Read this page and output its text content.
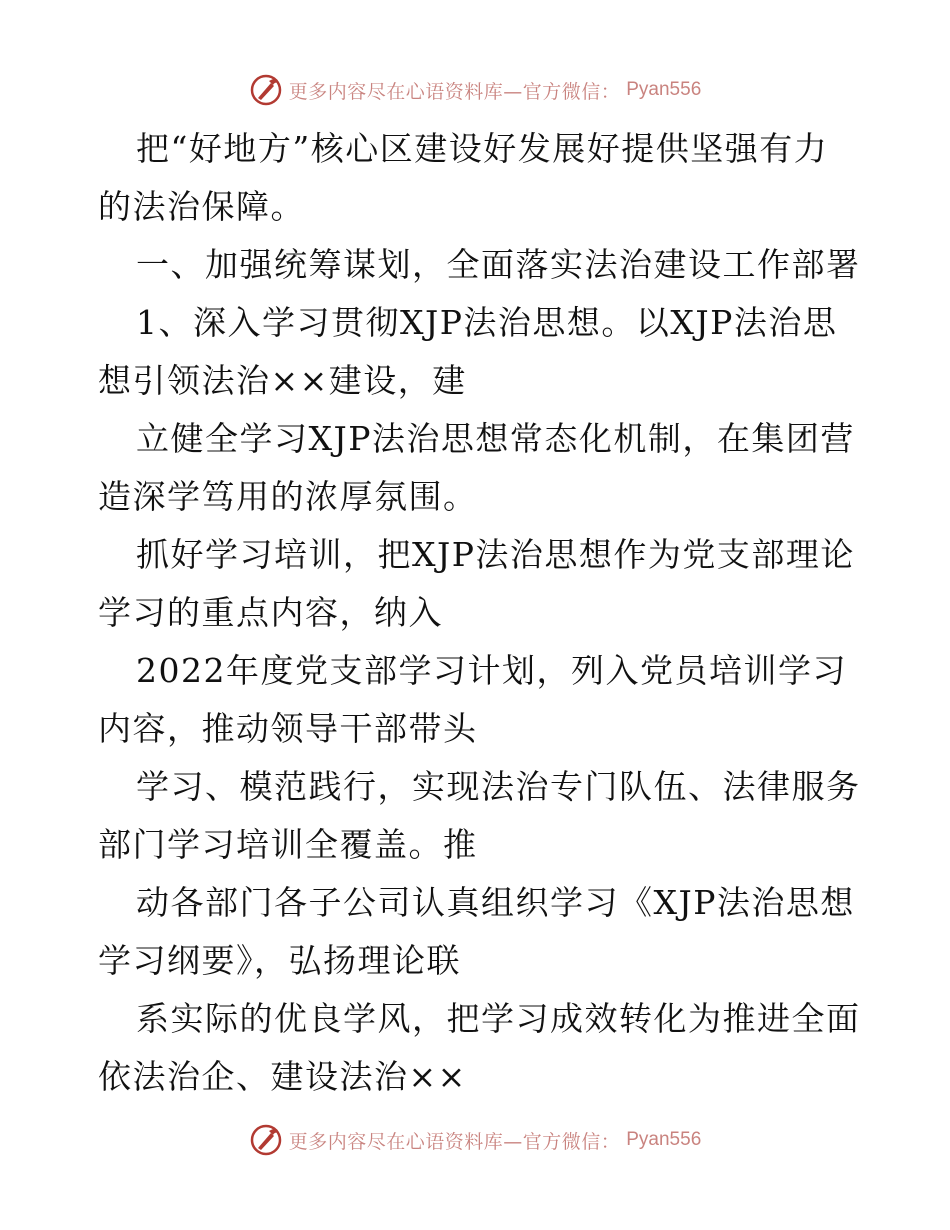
更多内容尽在心语资料库—官方微信： Pyan556
把“好地方”核心区建设好发展好提供坚强有力
的法治保障。
一、加强统筹谋划，全面落实法治建设工作部署
1、深入学习贯彻XJP法治思想。以XJP法治思
想引领法治××建设，建
立健全学习XJP法治思想常态化机制，在集团营
造深学笃用的浓厚氛围。
抓好学习培训，把XJP法治思想作为党支部理论
学习的重点内容，纳入
2022年度党支部学习计划，列入党员培训学习
内容，推动领导干部带头
学习、模范践行，实现法治专门队伍、法律服务
部门学习培训全覆盖。推
动各部门各子公司认真组织学习《XJP法治思想
学习纲要》，弘扬理论联
系实际的优良学风，把学习成效转化为推进全面
依法治企、建设法治××
更多内容尽在心语资料库—官方微信： Pyan556
